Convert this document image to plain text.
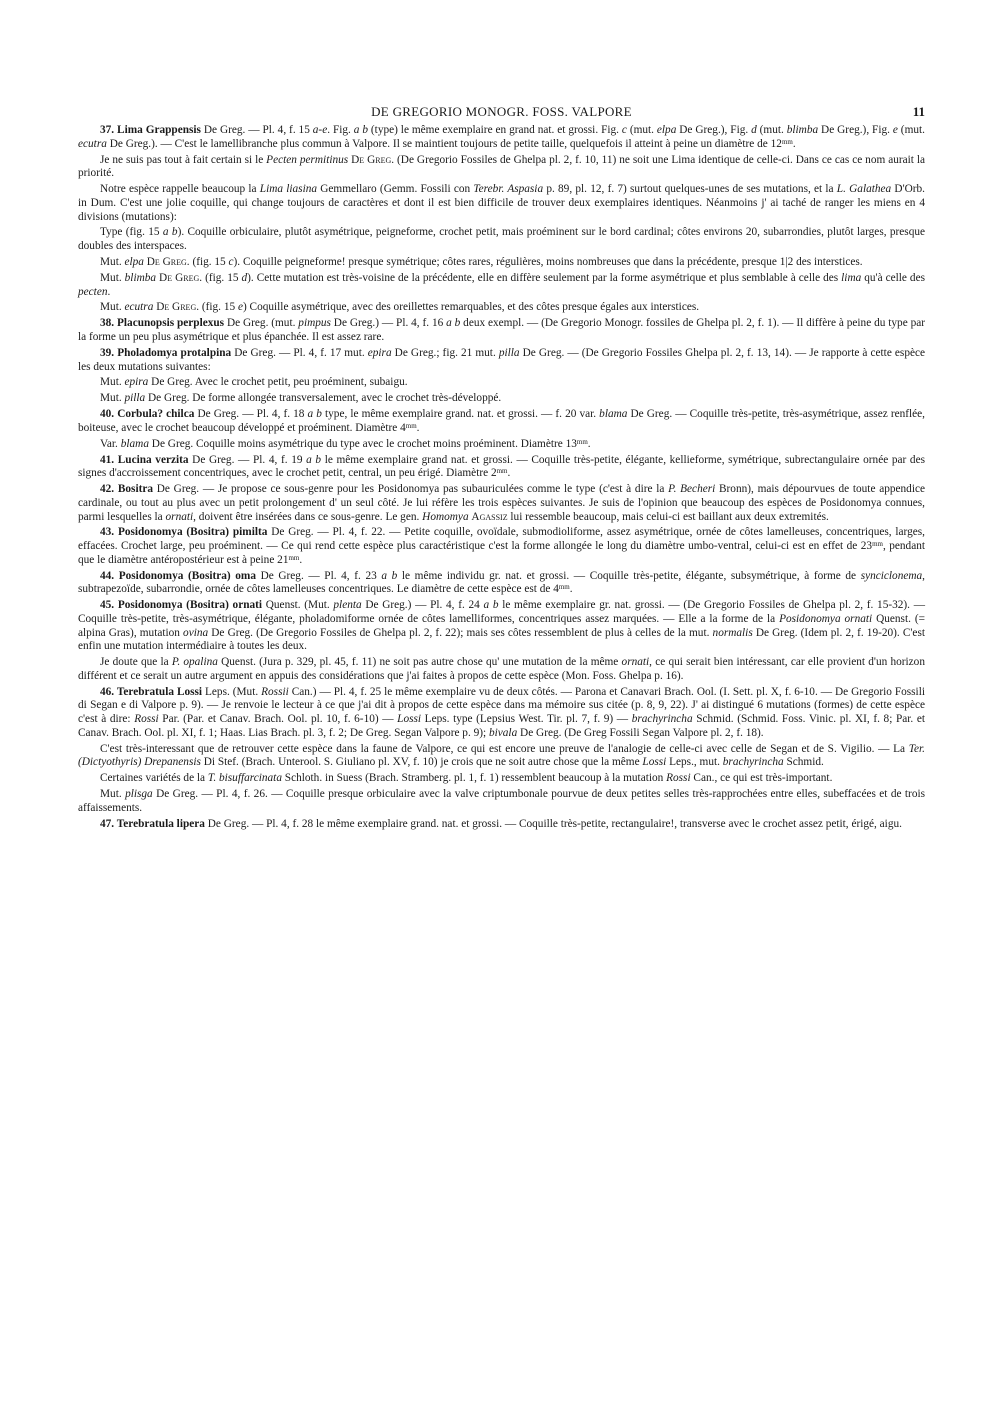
DE GREGORIO MONOGR. FOSS. VALPORE	11

37. Lima Grappensis De Greg. — Pl. 4, f. 15 a-e. Fig. a b (type) le même exemplaire en grand nat. et grossi. Fig. c (mut. elpa De Greg.), Fig. d (mut. blimba De Greg.), Fig. e (mut. ecutra De Greg.). — C'est le lamellibranche plus commun à Valpore. Il se maintient toujours de petite taille, quelquefois il atteint à peine un diamètre de $12^{mm}$.

Je ne suis pas tout à fait certain si le Pecten permitinus De Greg. (De Gregorio Fossiles de Ghelpa pl. 2, f. 10, 11) ne soit une Lima identique de celle-ci. Dans ce cas ce nom aurait la priorité.

Notre espèce rappelle beaucoup la Lima liasina Gemmellaro (Gemm. Fossili con Terebr. Aspasia p. 89, pl. 12, f. 7) surtout quelques-unes de ses mutations, et la L. Galathea D'Orb. in Dum. C'est une jolie coquille, qui change toujours de caractères et dont il est bien difficile de trouver deux exemplaires identiques. Néanmoins j' ai taché de ranger les miens en 4 divisions (mutations):

Type (fig. 15 a b). Coquille orbiculaire, plutôt asymétrique, peigneforme, crochet petit, mais proéminent sur le bord cardinal; côtes environs 20, subarrondies, plutôt larges, presque doubles des interspaces.

Mut. elpa De Greg. (fig. 15 c). Coquille peigneforme! presque symétrique; côtes rares, régulières, moins nombreuses que dans la précédente, presque 1|2 des interstices.

Mut. blimba De Greg. (fig. 15 d). Cette mutation est très-voisine de la précédente, elle en diffère seulement par la forme asymétrique et plus semblable à celle des lima qu'à celle des pecten.

Mut. ecutra De Greg. (fig. 15 e) Coquille asymétrique, avec des oreillettes remarquables, et des côtes presque égales aux interstices.

38. Placunopsis perplexus De Greg. (mut. pimpus De Greg.) — Pl. 4, f. 16 a b deux exempl. — (De Gregorio Monogr. fossiles de Ghelpa pl. 2, f. 1). — Il diffère à peine du type par la forme un peu plus asymétrique et plus épanchée. Il est assez rare.

39. Pholadomya protalpina De Greg. — Pl. 4, f. 17 mut. epira De Greg.; fig. 21 mut. pilla De Greg. — (De Gregorio Fossiles Ghelpa pl. 2, f. 13, 14). — Je rapporte à cette espèce les deux mutations suivantes:

Mut. epira De Greg. Avec le crochet petit, peu proéminent, subaigu.

Mut. pilla De Greg. De forme allongée transversalement, avec le crochet très-développé.

40. Corbula? chilca De Greg. — Pl. 4, f. 18 a b type, le même exemplaire grand. nat. et grossi. — f. 20 var. blama De Greg. — Coquille très-petite, très-asymétrique, assez renflée, boiteuse, avec le crochet beaucoup développé et proéminent. Diamètre $4^{mm}$.

Var. blama De Greg. Coquille moins asymétrique du type avec le crochet moins proéminent. Diamètre $13^{mm}$.

41. Lucina verzita De Greg. — Pl. 4, f. 19 a b le même exemplaire grand nat. et grossi. — Coquille très-petite, élégante, kellieforme, symétrique, subrectangulaire ornée par des signes d'accroissement concentriques, avec le crochet petit, central, un peu érigé. Diamètre $2^{mm}$.

42. Bositra De Greg. — Je propose ce sous-genre pour les Posidonomya pas subauriculées comme le type (c'est à dire la P. Becheri Bronn), mais dépourvues de toute appendice cardinale, ou tout au plus avec un petit prolongement d' un seul côté. Je lui réfère les trois espèces suivantes. Je suis de l'opinion que beaucoup des espèces de Posidonomya connues, parmi lesquelles la ornati, doivent être insérées dans ce sous-genre. Le gen. Homomya Agassiz lui ressemble beaucoup, mais celui-ci est baillant aux deux extremités.

43. Posidonomya (Bositra) pimilta De Greg. — Pl. 4, f. 22. — Petite coquille, ovoïdale, submodioliforme, assez asymétrique, ornée de côtes lamelleuses, concentriques, larges, effacées. Crochet large, peu proéminent. — Ce qui rend cette espèce plus caractéristique c'est la forme allongée le long du diamètre umbo-ventral, celui-ci est en effet de $23^{mm}$, pendant que le diamètre antéropostérieur est à peine $21^{mm}$.

44. Posidonomya (Bositra) oma De Greg. — Pl. 4, f. 23 a b le même individu gr. nat. et grossi. — Coquille très-petite, élégante, subsymétrique, à forme de synciclonema, subtrapezoïde, subarrondie, ornée de côtes lamelleuses concentriques. Le diamètre de cette espèce est de $4^{mm}$.

45. Posidonomya (Bositra) ornati Quenst. (Mut. plenta De Greg.) — Pl. 4, f. 24 a b le même exemplaire gr. nat. grossi. — (De Gregorio Fossiles de Ghelpa pl. 2, f. 15-32). — Coquille très-petite, très-asymétrique, élégante, pholadomiforme ornée de côtes lamelliformes, concentriques assez marquées. — Elle a la forme de la Posidonomya ornati Quenst. (= alpina Gras), mutation ovina De Greg. (De Gregorio Fossiles de Ghelpa pl. 2, f. 22); mais ses côtes ressemblent de plus à celles de la mut. normalis De Greg. (Idem pl. 2, f. 19-20). C'est enfin une mutation intermédiaire à toutes les deux.

Je doute que la P. opalina Quenst. (Jura p. 329, pl. 45, f. 11) ne soit pas autre chose qu' une mutation de la même ornati, ce qui serait bien intéressant, car elle provient d'un horizon différent et ce serait un autre argument en appuis des considérations que j'ai faites à propos de cette espèce (Mon. Foss. Ghelpa p. 16).

46. Terebratula Lossi Leps. (Mut. Rossii Can.) — Pl. 4, f. 25 le même exemplaire vu de deux côtés. — Parona et Canavari Brach. Ool. (I. Sett. pl. X, f. 6-10. — De Gregorio Fossili di Segan e di Valpore p. 9). — Je renvoie le lecteur à ce que j'ai dit à propos de cette espèce dans ma mémoire sus citée (p. 8, 9, 22). J' ai distingué 6 mutations (formes) de cette espèce c'est à dire: Rossi Par. (Par. et Canav. Brach. Ool. pl. 10, f. 6-10) — Lossi Leps. type (Lepsius West. Tir. pl. 7, f. 9) — brachyrincha Schmid. (Schmid. Foss. Vinic. pl. XI, f. 8; Par. et Canav. Brach. Ool. pl. XI, f. 1; Haas. Lias Brach. pl. 3, f. 2; De Greg. Segan Valpore p. 9); bivala De Greg. (De Greg Fossili Segan Valpore pl. 2, f. 18).

C'est très-interessant que de retrouver cette espèce dans la faune de Valpore, ce qui est encore une preuve de l'analogie de celle-ci avec celle de Segan et de S. Vigilio. — La Ter. (Dictyothyris) Drepanensis Di Stef. (Brach. Unterool. S. Giuliano pl. XV, f. 10) je crois que ne soit autre chose que la même Lossi Leps., mut. brachyrincha Schmid.

Certaines variétés de la T. bisuffarcinata Schloth. in Suess (Brach. Stramberg. pl. 1, f. 1) ressemblent beaucoup à la mutation Rossi Can., ce qui est très-important.

Mut. plisga De Greg. — Pl. 4, f. 26. — Coquille presque orbiculaire avec la valve criptumbonale pourvue de deux petites selles très-rapprochées entre elles, subeffacées et de trois affaissements.

47. Terebratula lipera De Greg. — Pl. 4, f. 28 le même exemplaire grand. nat. et grossi. — Coquille très-petite, rectangulaire!, transverse avec le crochet assez petit, érigé, aigu.
